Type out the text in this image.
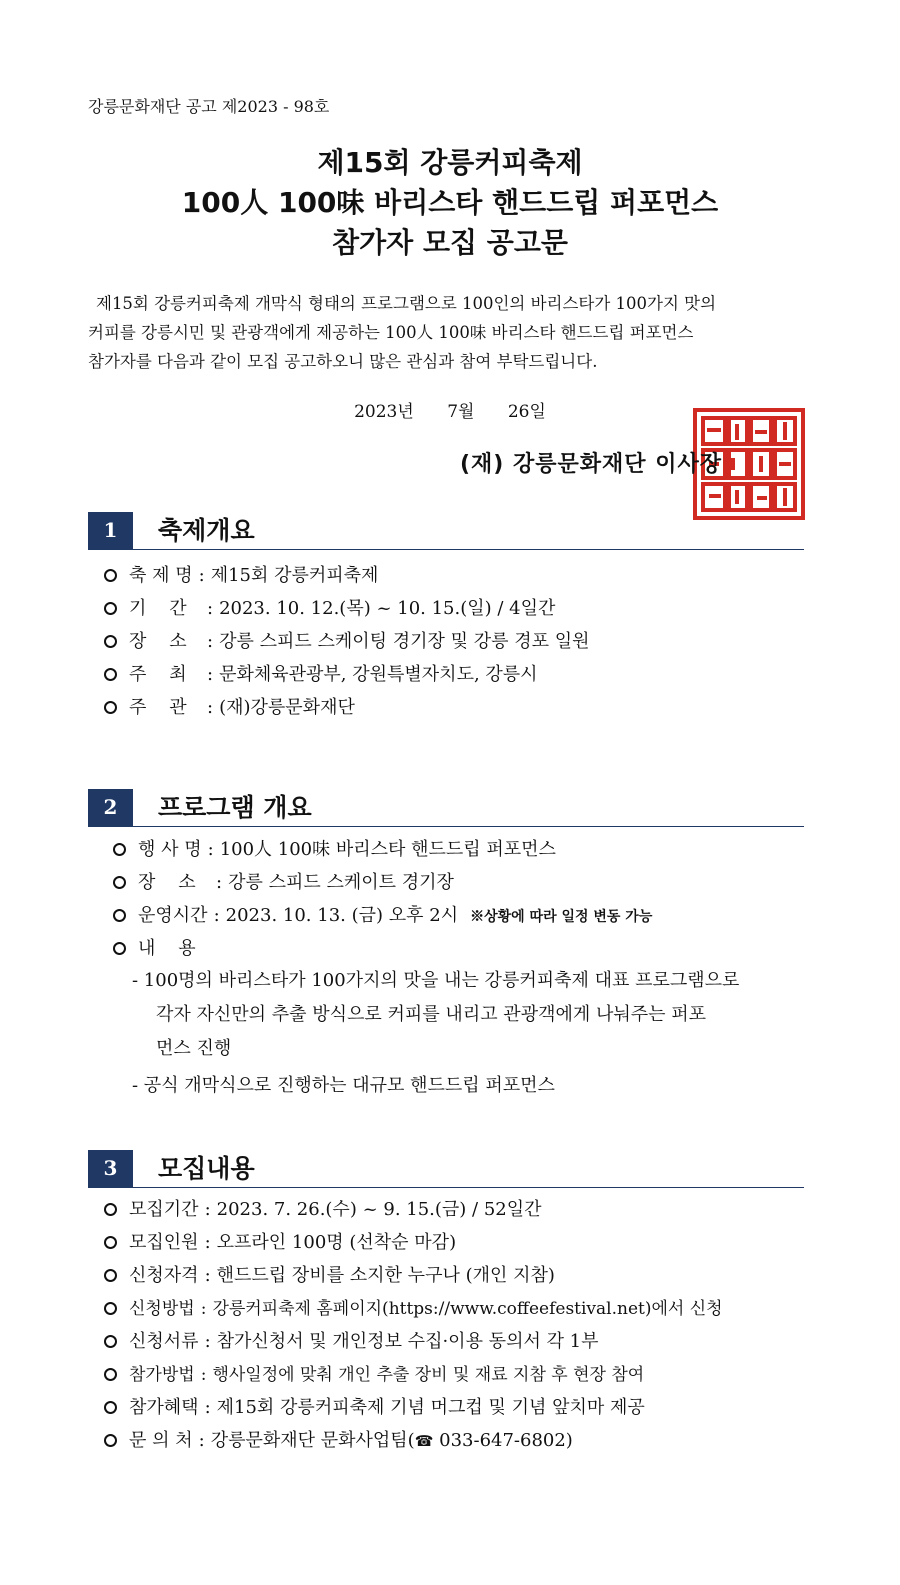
강릉문화재단 공고 제2023 - 98호
제15회 강릉커피축제
100人 100味 바리스타 핸드드립 퍼포먼스
참가자 모집 공고문
제15회 강릉커피축제 개막식 형태의 프로그램으로 100인의 바리스타가 100가지 맛의
커피를 강릉시민 및 관광객에게 제공하는 100人 100味 바리스타 핸드드립 퍼포먼스
참가자를 다음과 같이 모집 공고하오니 많은 관심과 참여 부탁드립니다.
2023년 7월 26일
(재) 강릉문화재단 이사장
1	축제개요
축 제 명 : 제15회 강릉커피축제
기    간 : 2023. 10. 12.(목) ~ 10. 15.(일) / 4일간
장    소 : 강릉 스피드 스케이팅 경기장 및 강릉 경포 일원
주    최 : 문화체육관광부, 강원특별자치도, 강릉시
주    관 : (재)강릉문화재단
2	프로그램 개요
행 사 명 : 100人 100味 바리스타 핸드드립 퍼포먼스
장    소 : 강릉 스피드 스케이트 경기장
운영시간 : 2023. 10. 13. (금) 오후 2시 ※상황에 따라 일정 변동 가능
내    용
- 100명의 바리스타가 100가지의 맛을 내는 강릉커피축제 대표 프로그램으로
각자 자신만의 추출 방식으로 커피를 내리고 관광객에게 나눠주는 퍼포
먼스 진행
- 공식 개막식으로 진행하는 대규모 핸드드립 퍼포먼스
3	모집내용
모집기간 : 2023. 7. 26.(수) ~ 9. 15.(금) / 52일간
모집인원 : 오프라인 100명 (선착순 마감)
신청자격 : 핸드드립 장비를 소지한 누구나 (개인 지참)
신청방법 : 강릉커피축제 홈페이지(https://www.coffeefestival.net)에서 신청
신청서류 : 참가신청서 및 개인정보 수집·이용 동의서 각 1부
참가방법 : 행사일정에 맞춰 개인 추출 장비 및 재료 지참 후 현장 참여
참가혜택 : 제15회 강릉커피축제 기념 머그컵 및 기념 앞치마 제공
문 의 처 : 강릉문화재단 문화사업팀(☎ 033-647-6802)
